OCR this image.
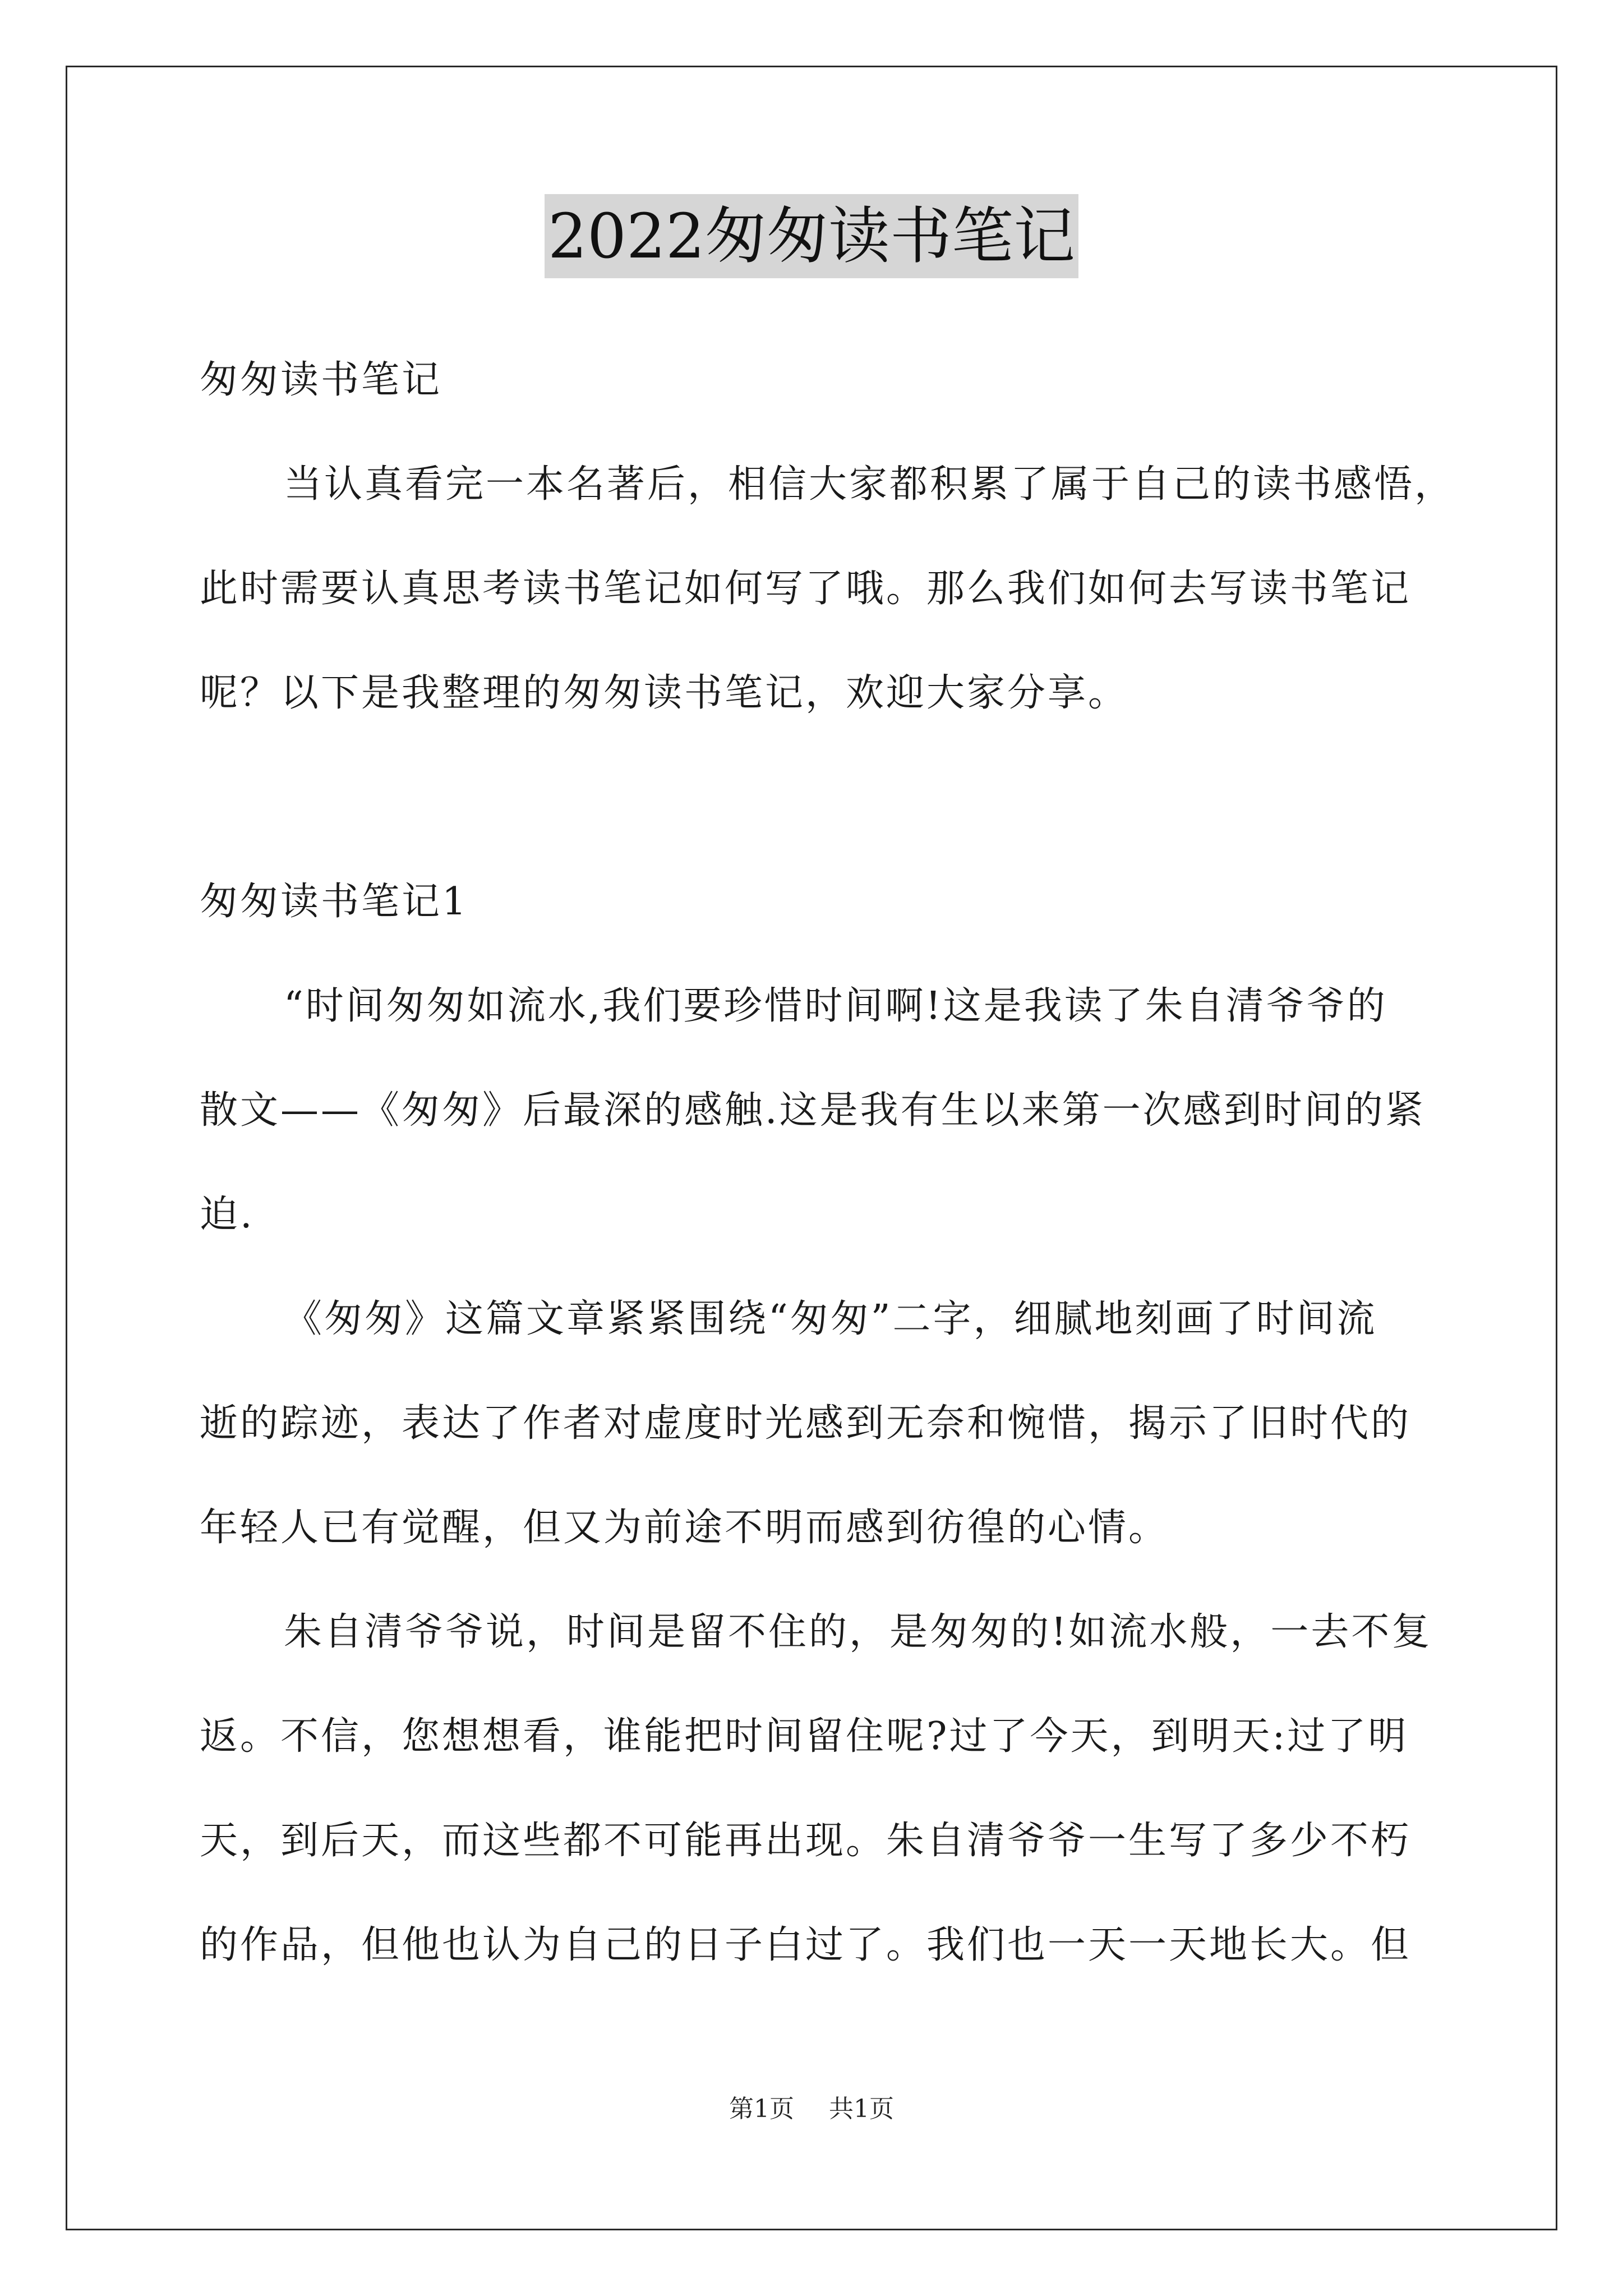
2022匆匆读书笔记
匆匆读书笔记
当认真看完一本名著后，相信大家都积累了属于自己的读书感悟，
此时需要认真思考读书笔记如何写了哦。那么我们如何去写读书笔记
呢？以下是我整理的匆匆读书笔记，欢迎大家分享。
匆匆读书笔记1
“时间匆匆如流水,我们要珍惜时间啊!这是我读了朱自清爷爷的
散文——《匆匆》后最深的感触.这是我有生以来第一次感到时间的紧
迫.
《匆匆》这篇文章紧紧围绕“匆匆”二字，细腻地刻画了时间流
逝的踪迹，表达了作者对虚度时光感到无奈和惋惜，揭示了旧时代的
年轻人已有觉醒，但又为前途不明而感到彷徨的心情。
朱自清爷爷说，时间是留不住的，是匆匆的!如流水般，一去不复
返。不信，您想想看，谁能把时间留住呢?过了今天，到明天:过了明
天，到后天，而这些都不可能再出现。朱自清爷爷一生写了多少不朽
的作品，但他也认为自己的日子白过了。我们也一天一天地长大。但
第1页 共1页
